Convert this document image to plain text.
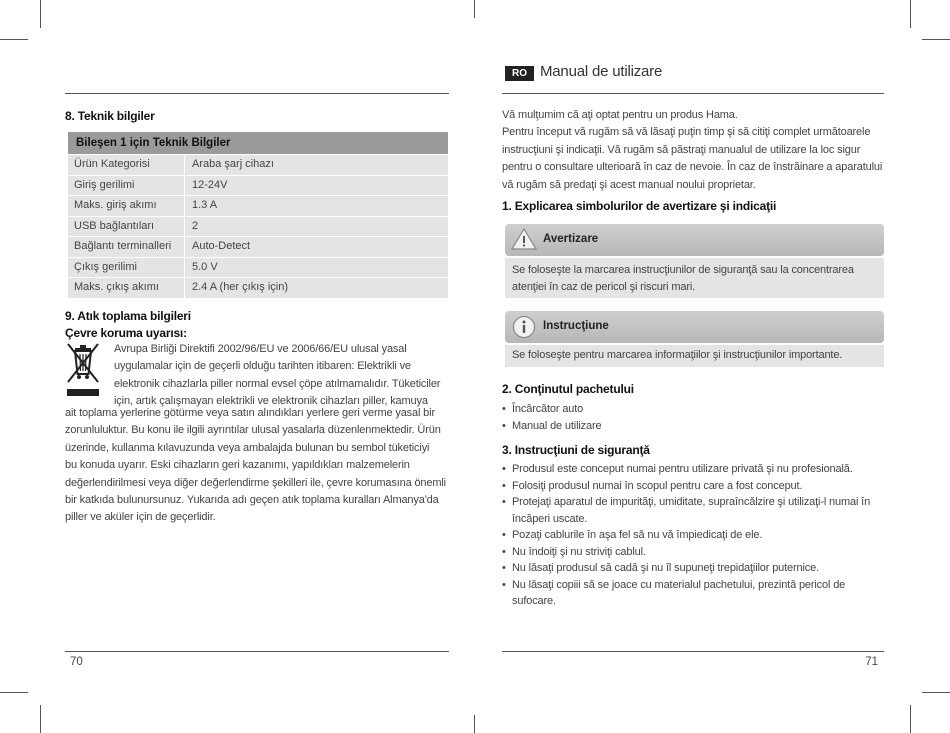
8. Teknik bilgiler
Bileşen 1 için Teknik Bilgiler
Ürün Kategorisi	Araba şarj cihazı
Giriş gerilimi	12-24V
Maks. giriş akımı	1.3 A
USB bağlantıları	2
Bağlantı terminalleri	Auto-Detect
Çıkış gerilimi	5.0 V
Maks. çıkış akımı	2.4 A (her çıkış için)
9. Atık toplama bilgileri
Çevre koruma uyarısı:
Avrupa Birliği Direktifi 2002/96/EU ve 2006/66/EU ulusal yasal
uygulamalar için de geçerli olduğu tarihten itibaren: Elektrikli ve
elektronik cihazlarla piller normal evsel çöpe atılmamalıdır. Tüketiciler
için, artık çalışmayan elektrikli ve elektronik cihazları piller, kamuya
ait toplama yerlerine götürme veya satın alındıkları yerlere geri verme yasal bir
zorunluluktur. Bu konu ile ilgili ayrıntılar ulusal yasalarla düzenlenmektedir. Ürün
üzerinde, kullanma kılavuzunda veya ambalajda bulunan bu sembol tüketiciyi
bu konuda uyarır. Eski cihazların geri kazanımı, yapıldıkları malzemelerin
değerlendirilmesi veya diğer değerlendirme şekilleri ile, çevre korumasına önemli
bir katkıda bulunursunuz. Yukarıda adı geçen atık toplama kuralları Almanya'da
piller ve aküler için de geçerlidir.
70
RO Manual de utilizare
Vă mulţumim că aţi optat pentru un produs Hama.
Pentru început vă rugăm să vă lăsaţi puţin timp şi să citiţi complet următoarele
instrucţiuni şi indicaţii. Vă rugăm să păstraţi manualul de utilizare la loc sigur
pentru o consultare ulterioară în caz de nevoie. În caz de înstrăinare a aparatului
vă rugăm să predaţi şi acest manual noului proprietar.
1. Explicarea simbolurilor de avertizare şi indicaţii
Avertizare
Se foloseşte la marcarea instrucţiunilor de siguranţă sau la concentrarea
atenţiei în caz de pericol şi riscuri mari.
Instrucţiune
Se foloseşte pentru marcarea informaţiilor şi instrucţiunilor importante.
2. Conţinutul pachetului
• Încărcător auto
• Manual de utilizare
3. Instrucţiuni de siguranţă
• Produsul este conceput numai pentru utilizare privată şi nu profesională.
• Folosiţi produsul numai în scopul pentru care a fost conceput.
• Protejaţi aparatul de impurităţi, umiditate, supraîncălzire şi utilizaţi-l numai în
încăperi uscate.
• Pozaţi cablurile în aşa fel să nu vă împiedicaţi de ele.
• Nu îndoiţi şi nu striviţi cablul.
• Nu lăsaţi produsul să cadă şi nu îl supuneţi trepidaţiilor puternice.
• Nu lăsaţi copiii să se joace cu materialul pachetului, prezintă pericol de
sufocare.
71
